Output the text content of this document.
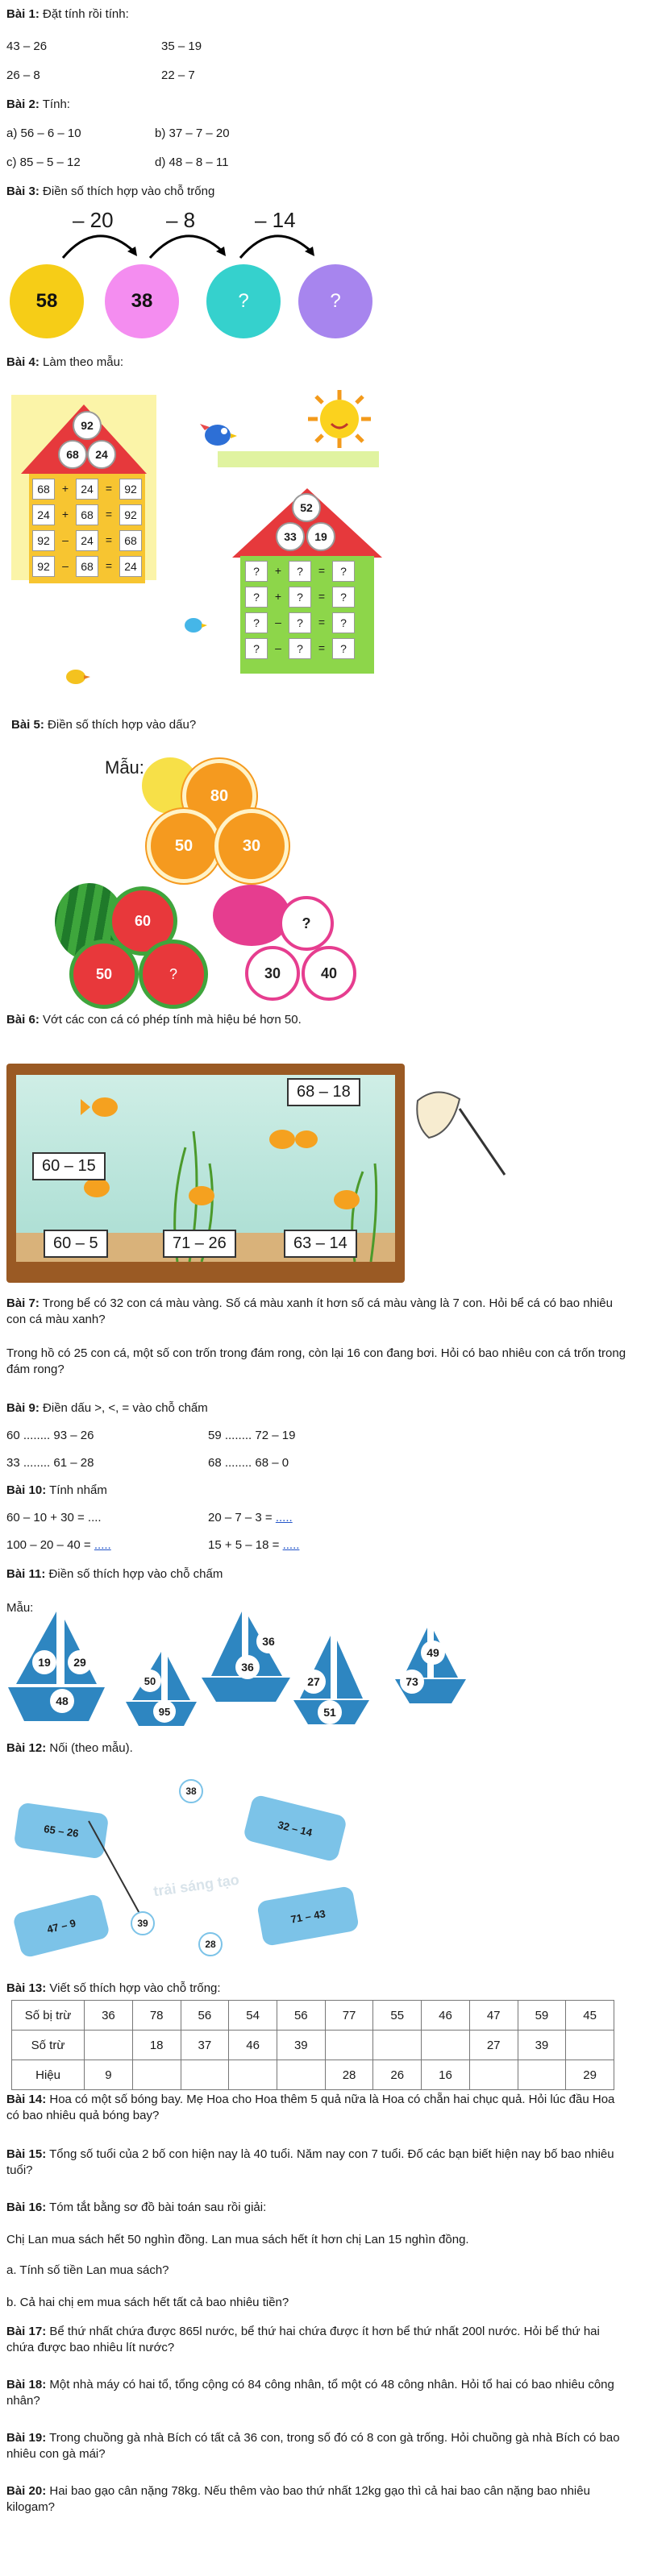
Bài 1: Đặt tính rồi tính:
43 – 26	35 – 19
26 – 8	22 – 7
Bài 2: Tính:
a) 56 – 6 – 10	b) 37 – 7 – 20
c) 85 – 5 – 12	d) 48 – 8 – 11
Bài 3: Điền số thích hợp vào chỗ trống
– 20	– 8	– 14
58	38	?	?
Bài 4: Làm theo mẫu:
92
68	24
68	+	24	=	92
24	+	68	=	92
92	–	24	=	68
92	–	68	=	24
52
33	19
?	+	?	=	?
?	+	?	=	?
?	–	?	=	?
?	–	?	=	?
Bài 5: Điền số thích hợp vào dấu?
Mẫu:
80
50	30
60
50	?
?
30	40
Bài 6: Vớt các con cá có phép tính mà hiệu bé hơn 50.
68 – 18
60 – 15
60 – 5	71 – 26	63 – 14
Bài 7: Trong bể có 32 con cá màu vàng. Số cá màu xanh ít hơn số cá màu vàng là 7 con. Hỏi bể cá có bao nhiêu con cá màu xanh?
Trong hồ có 25 con cá, một số con trốn trong đám rong, còn lại 16 con đang bơi. Hỏi có bao nhiêu con cá trốn trong đám rong?
Bài 9: Điền dấu >, <, = vào chỗ chấm
60 ........ 93 – 26	59 ........ 72 – 19
33 ........ 61 – 28	68 ........ 68 – 0
Bài 10: Tính nhẩm
60 – 10 + 30 = ....	20 – 7 – 3 = .....
100 – 20 – 40 = .....	15 + 5 – 18 = .....
Bài 11: Điền số thích hợp vào chỗ chấm
Mẫu:
19	29
48
50
95
36
36
27
51
49
73
Bài 12: Nối (theo mẫu).
trải sáng tạo
65 – 26	32 – 14
47 – 9
71 – 43
38
39
28
Bài 13: Viết số thích hợp vào chỗ trống:
Số bị trừ	36	78	56	54	56	77	55	46	47	59	45
Số trừ		18	37	46	39				27	39	
Hiệu	9					28	26	16			29
Bài 14: Hoa có một số bóng bay. Mẹ Hoa cho Hoa thêm 5 quả nữa là Hoa có chẵn hai chục quả. Hỏi lúc đầu Hoa có bao nhiêu quả bóng bay?
Bài 15: Tổng số tuổi của 2 bố con hiện nay là 40 tuổi. Năm nay con 7 tuổi. Đố các bạn biết hiện nay bố bao nhiêu tuổi?
Bài 16: Tóm tắt bằng sơ đồ bài toán sau rồi giải:
Chị Lan mua sách hết 50 nghìn đồng. Lan mua sách hết ít hơn chị Lan 15 nghìn đồng.
a. Tính số tiền Lan mua sách?
b. Cả hai chị em mua sách hết tất cả bao nhiêu tiền?
Bài 17: Bể thứ nhất chứa được 865l nước, bể thứ hai chứa được ít hơn bể thứ nhất 200l nước. Hỏi bể thứ hai chứa được bao nhiêu lít nước?
Bài 18: Một nhà máy có hai tổ, tổng cộng có 84 công nhân, tổ một có 48 công nhân. Hỏi tổ hai có bao nhiêu công nhân?
Bài 19: Trong chuồng gà nhà Bích có tất cả 36 con, trong số đó có 8 con gà trống. Hỏi chuồng gà nhà Bích có bao nhiêu con gà mái?
Bài 20: Hai bao gạo cân nặng 78kg. Nếu thêm vào bao thứ nhất 12kg gạo thì cả hai bao cân nặng bao nhiêu kilogam?
